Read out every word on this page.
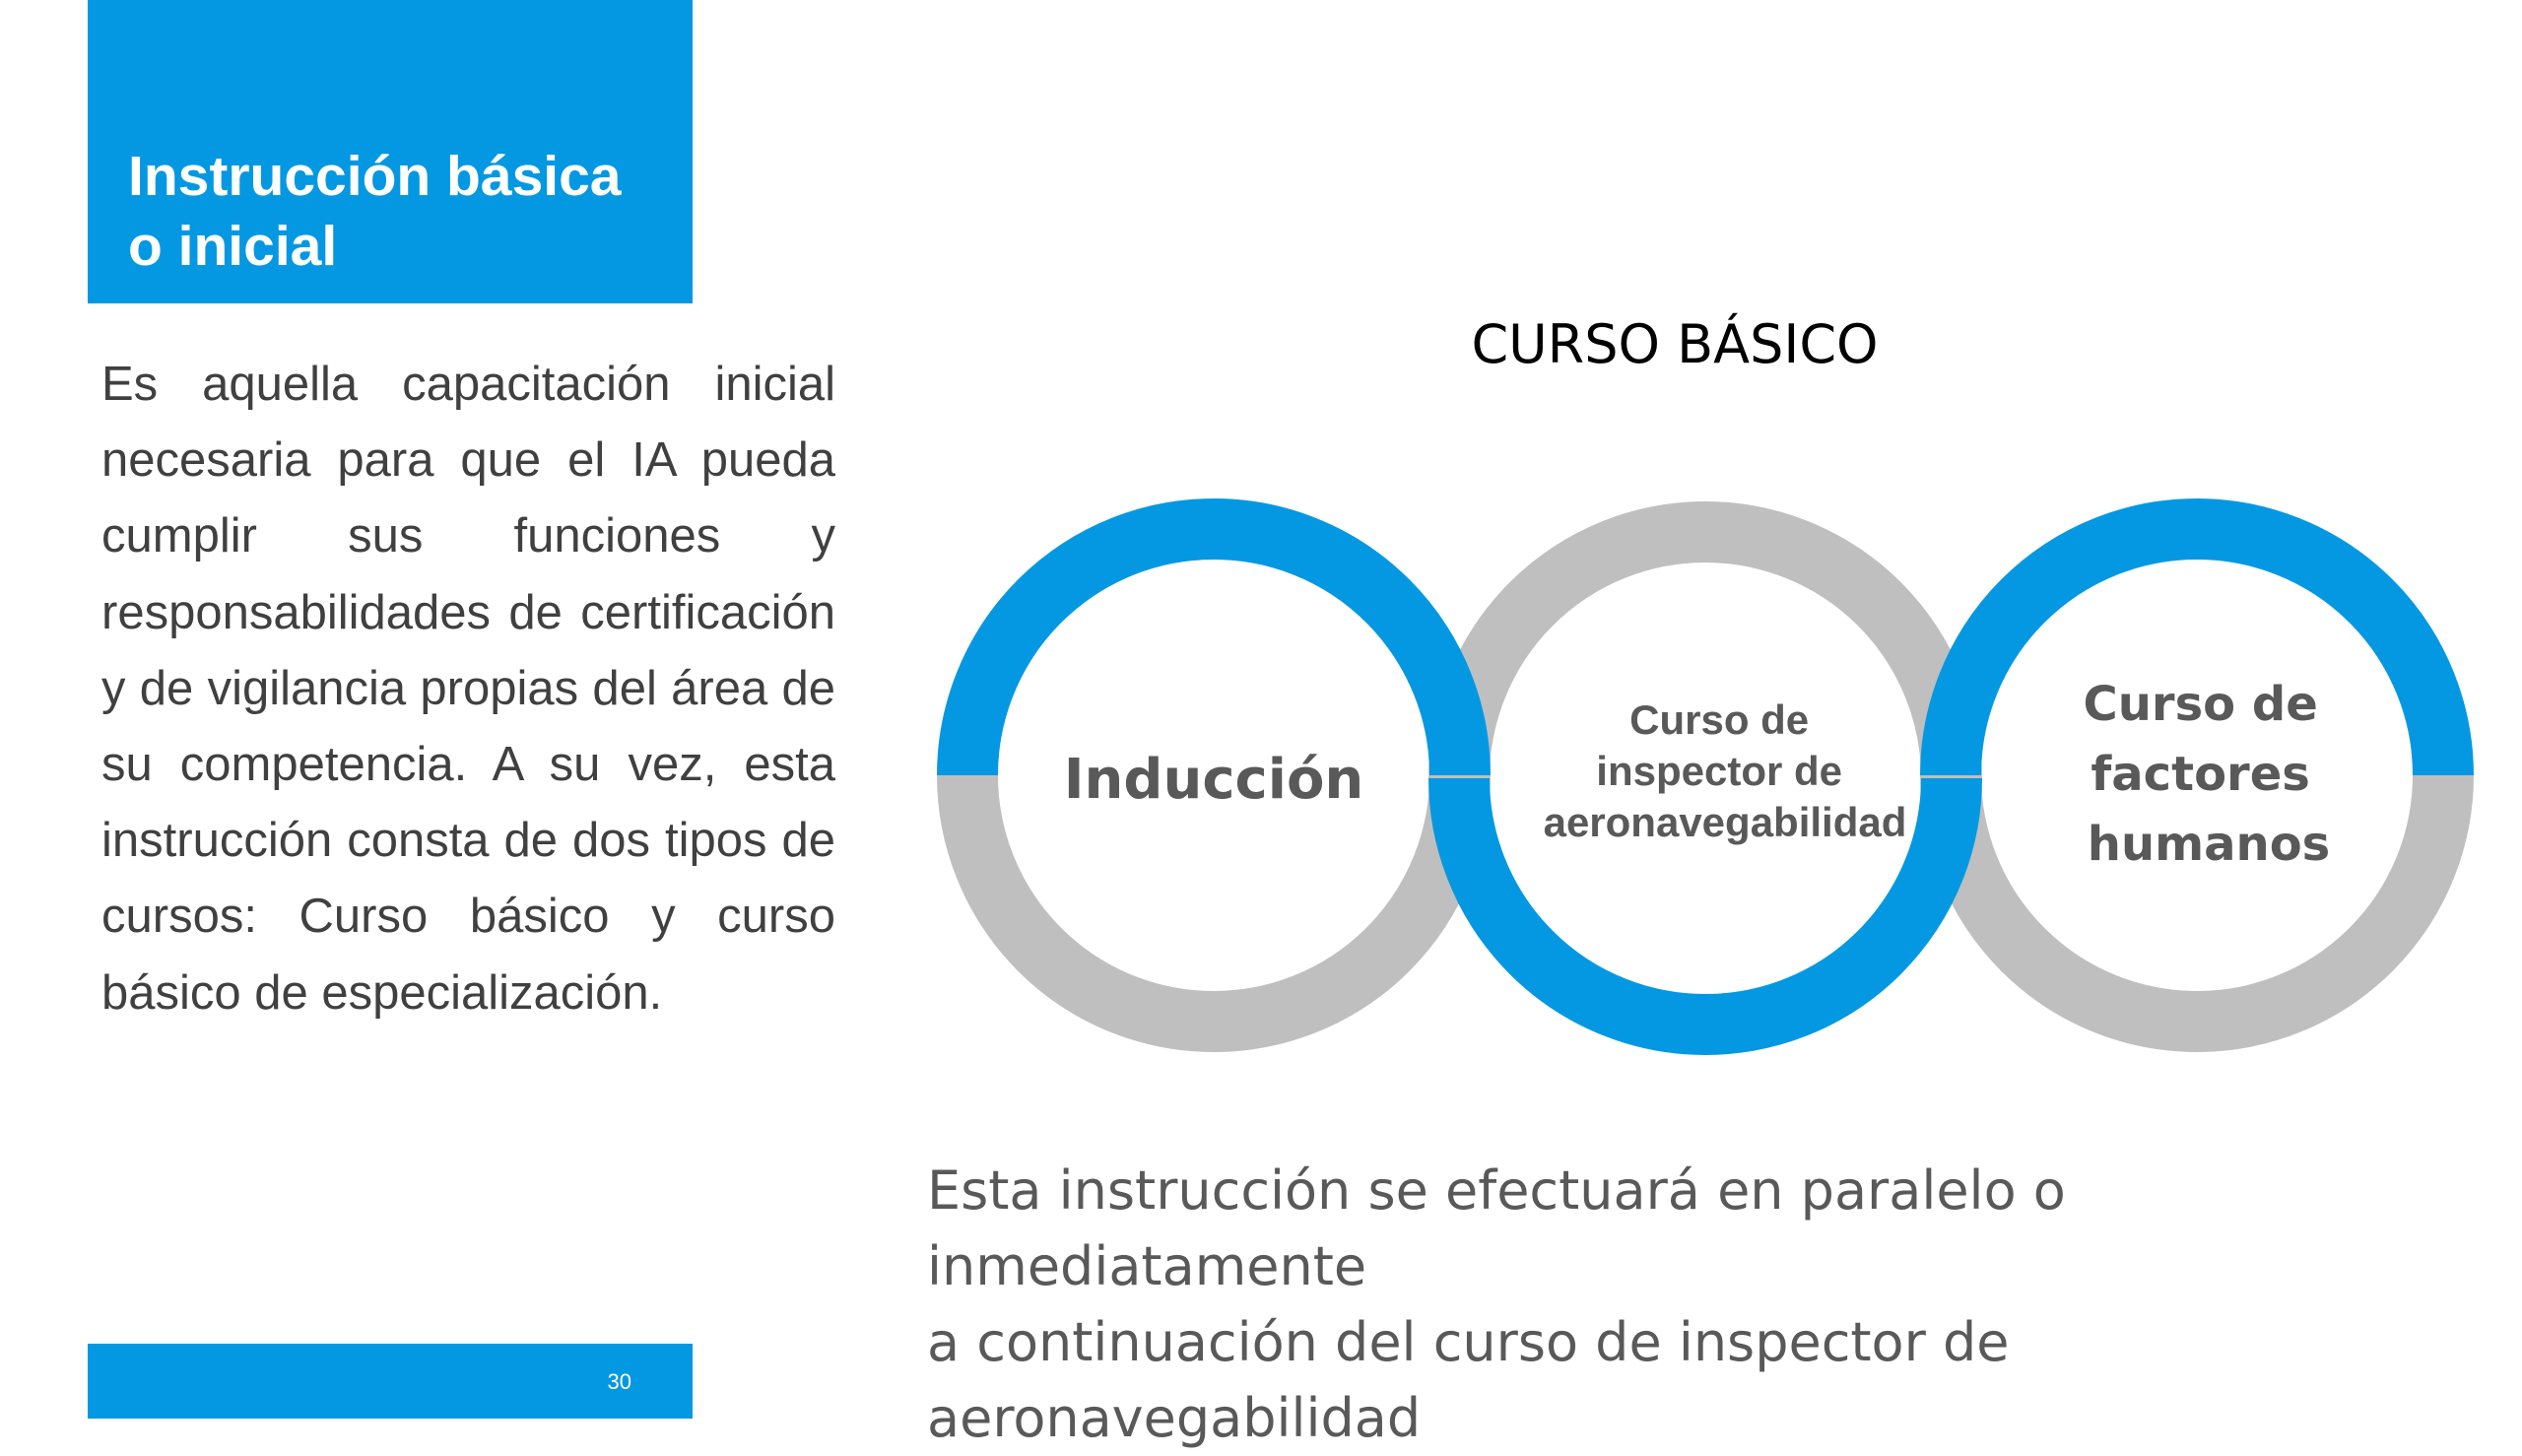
Instrucción básica
o inicial
Es aquella capacitación inicial necesaria para que el IA pueda cumplir sus funciones y responsabilidades de certificación y de vigilancia propias del área de su competencia. A su vez, esta instrucción consta de dos tipos de cursos: Curso básico y curso básico de especialización.
CURSO BÁSICO
Inducción
Curso de inspector de aeronavegabilidad
Curso de factores humanos
Esta instrucción se efectuará en paralelo o inmediatamente
a continuación del curso de inspector de aeronavegabilidad
30
